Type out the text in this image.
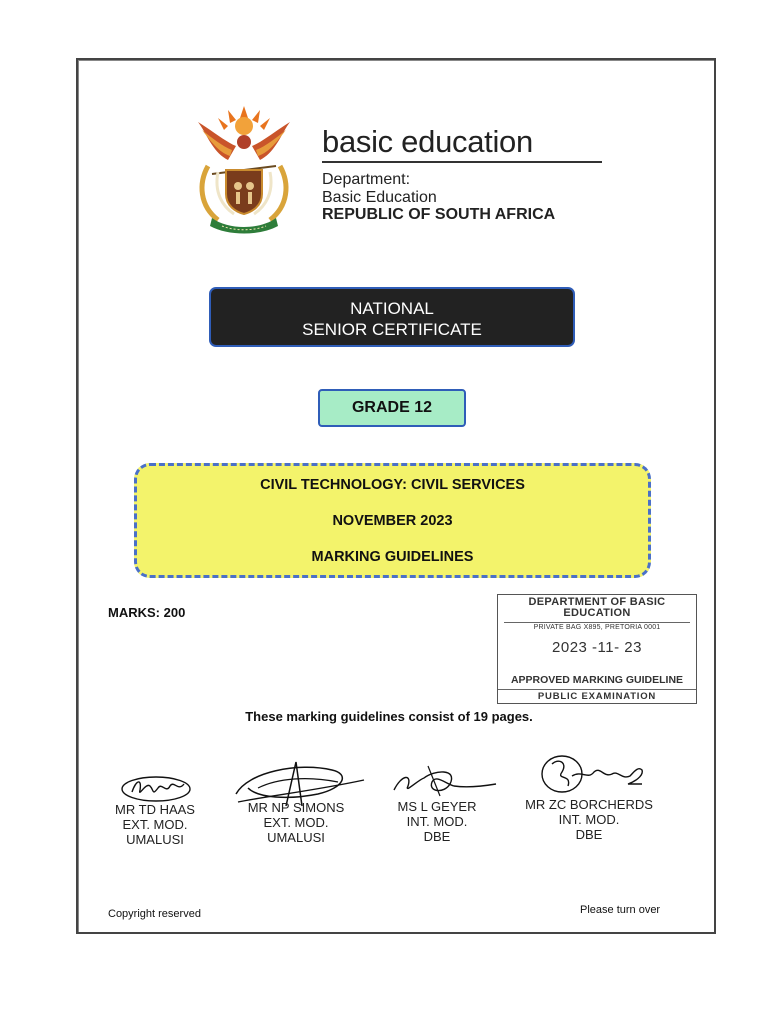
basic education
Department:
Basic Education
REPUBLIC OF SOUTH AFRICA
NATIONAL
SENIOR CERTIFICATE
GRADE 12
CIVIL TECHNOLOGY: CIVIL SERVICES
NOVEMBER 2023
MARKING GUIDELINES
MARKS: 200
DEPARTMENT OF BASIC
EDUCATION
PRIVATE BAG X895, PRETORIA 0001
2023 -11- 23
APPROVED MARKING GUIDELINE
PUBLIC EXAMINATION
These marking guidelines consist of 19 pages.
MR TD HAAS
EXT. MOD.
UMALUSI
MR NP SIMONS
EXT. MOD.
UMALUSI
MS L GEYER
INT. MOD.
DBE
MR ZC BORCHERDS
INT. MOD.
DBE
Copyright reserved	Please turn over
